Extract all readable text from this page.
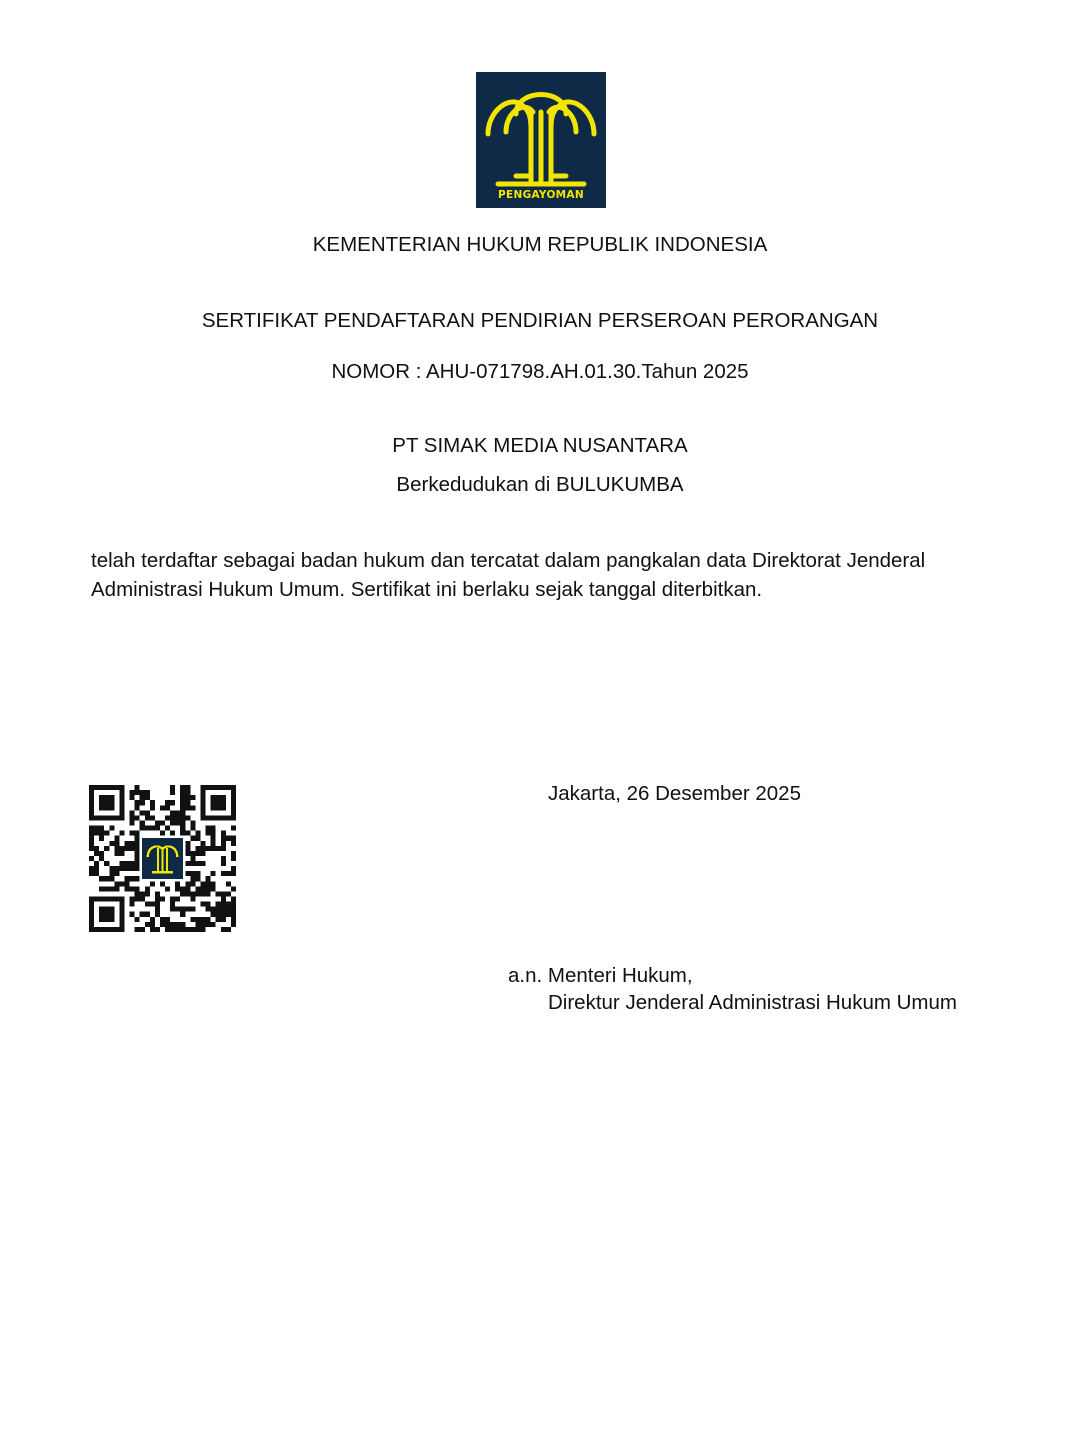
PENGAYOMAN
KEMENTERIAN HUKUM REPUBLIK INDONESIA
SERTIFIKAT PENDAFTARAN PENDIRIAN PERSEROAN PERORANGAN
NOMOR : AHU-071798.AH.01.30.Tahun 2025
PT SIMAK MEDIA NUSANTARA
Berkedudukan di BULUKUMBA
telah terdaftar sebagai badan hukum dan tercatat dalam pangkalan data Direktorat Jenderal
Administrasi Hukum Umum. Sertifikat ini berlaku sejak tanggal diterbitkan.
Jakarta, 26 Desember 2025
a.n. Menteri Hukum,
Direktur Jenderal Administrasi Hukum Umum
